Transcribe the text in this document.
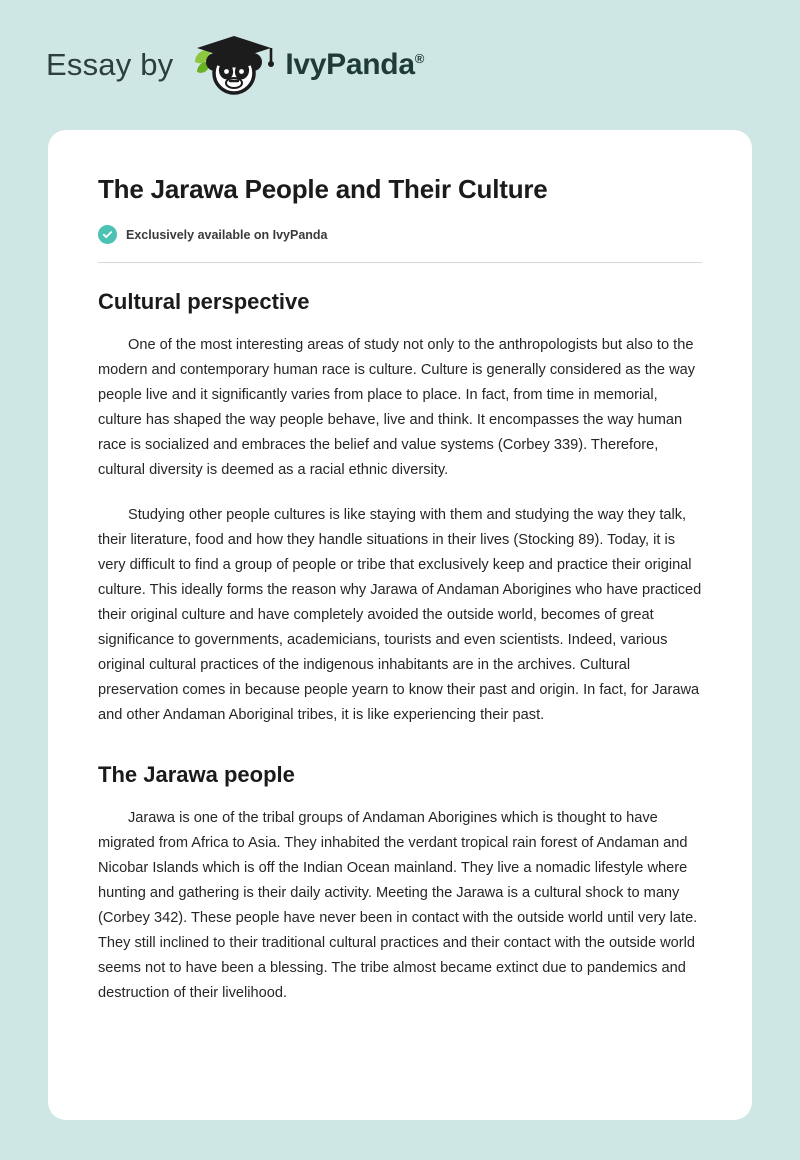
Essay by	IvyPanda®
The Jarawa People and Their Culture
Exclusively available on IvyPanda
Cultural perspective

One of the most interesting areas of study not only to the anthropologists but also to the modern and contemporary human race is culture. Culture is generally considered as the way people live and it significantly varies from place to place. In fact, from time in memorial, culture has shaped the way people behave, live and think. It encompasses the way human race is socialized and embraces the belief and value systems (Corbey 339). Therefore, cultural diversity is deemed as a racial ethnic diversity.

Studying other people cultures is like staying with them and studying the way they talk, their literature, food and how they handle situations in their lives (Stocking 89). Today, it is very difficult to find a group of people or tribe that exclusively keep and practice their original culture. This ideally forms the reason why Jarawa of Andaman Aborigines who have practiced their original culture and have completely avoided the outside world, becomes of great significance to governments, academicians, tourists and even scientists. Indeed, various original cultural practices of the indigenous inhabitants are in the archives. Cultural preservation comes in because people yearn to know their past and origin. In fact, for Jarawa and other Andaman Aboriginal tribes, it is like experiencing their past.

The Jarawa people

Jarawa is one of the tribal groups of Andaman Aborigines which is thought to have migrated from Africa to Asia. They inhabited the verdant tropical rain forest of Andaman and Nicobar Islands which is off the Indian Ocean mainland. They live a nomadic lifestyle where hunting and gathering is their daily activity. Meeting the Jarawa is a cultural shock to many (Corbey 342). These people have never been in contact with the outside world until very late. They still inclined to their traditional cultural practices and their contact with the outside world seems not to have been a blessing. The tribe almost became extinct due to pandemics and destruction of their livelihood.
